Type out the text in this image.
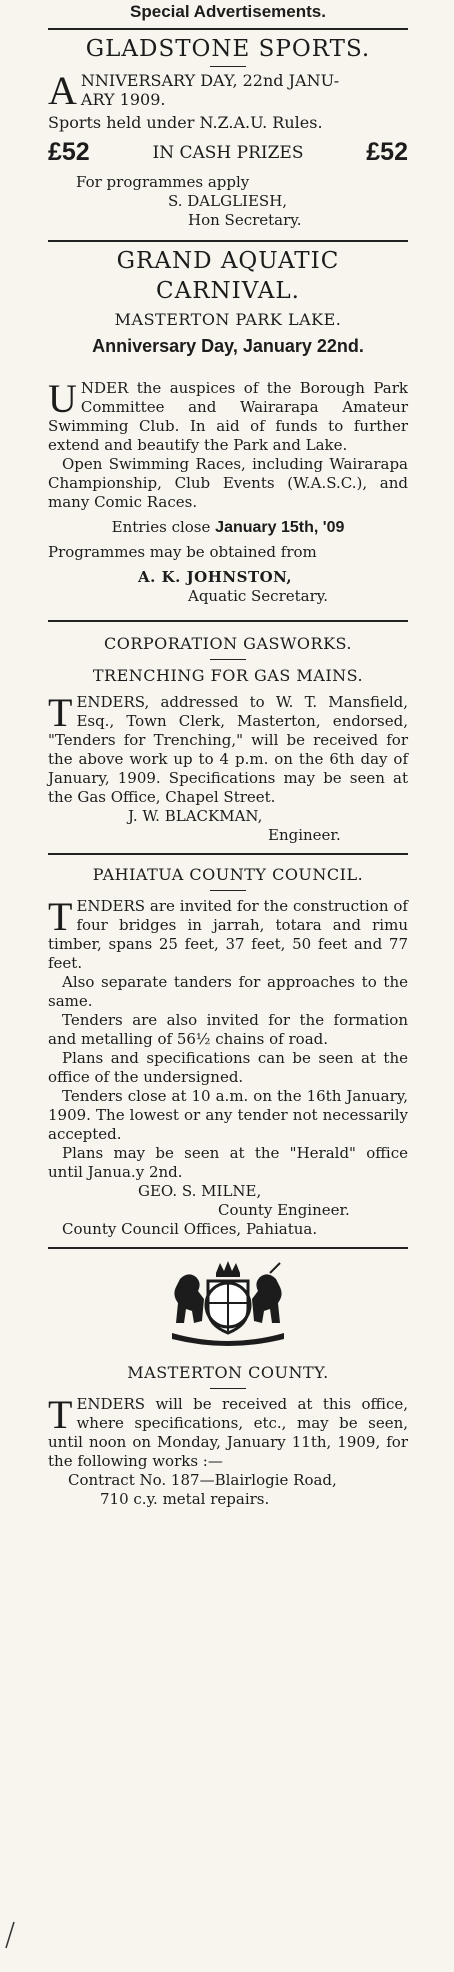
Special Advertisements.
GLADSTONE SPORTS.
A NNIVERSARY DAY, 22nd JANU-
ARY 1909.
Sports held under N.Z.A.U. Rules.
£52	IN CASH PRIZES	£52
For programmes apply
S. DALGLIESH,
Hon Secretary.
GRAND AQUATIC
CARNIVAL.
MASTERTON PARK LAKE.
Anniversary Day, January 22nd.

U NDER the auspices of the Borough Park Committee and Wairarapa Amateur Swimming Club. In aid of funds to further extend and beautify the Park and Lake.

Open Swimming Races, including Wairarapa Championship, Club Events (W.A.S.C.), and many Comic Races.

Entries close January 15th, '09
Programmes may be obtained from
A. K. JOHNSTON,
Aquatic Secretary.
CORPORATION GASWORKS.
TRENCHING FOR GAS MAINS.

T ENDERS, addressed to W. T. Mansfield, Esq., Town Clerk, Masterton, endorsed, "Tenders for Trenching," will be received for the above work up to 4 p.m. on the 6th day of January, 1909. Specifications may be seen at the Gas Office, Chapel Street.

J. W. BLACKMAN,
Engineer.
PAHIATUA COUNTY COUNCIL.

T ENDERS are invited for the construction of four bridges in jarrah, totara and rimu timber, spans 25 feet, 37 feet, 50 feet and 77 feet.

Also separate tanders for approaches to the same.

Tenders are also invited for the formation and metalling of 56½ chains of road.

Plans and specifications can be seen at the office of the undersigned.

Tenders close at 10 a.m. on the 16th January, 1909. The lowest or any tender not necessarily accepted.

Plans may be seen at the "Herald" office until Janua.y 2nd.

GEO. S. MILNE,
County Engineer.
County Council Offices, Pahiatua.
MASTERTON COUNTY.

T ENDERS will be received at this office, where specifications, etc., may be seen, until noon on Monday, January 11th, 1909, for the following works :—

Contract No. 187—Blairlogie Road,
710 c.y. metal repairs.
